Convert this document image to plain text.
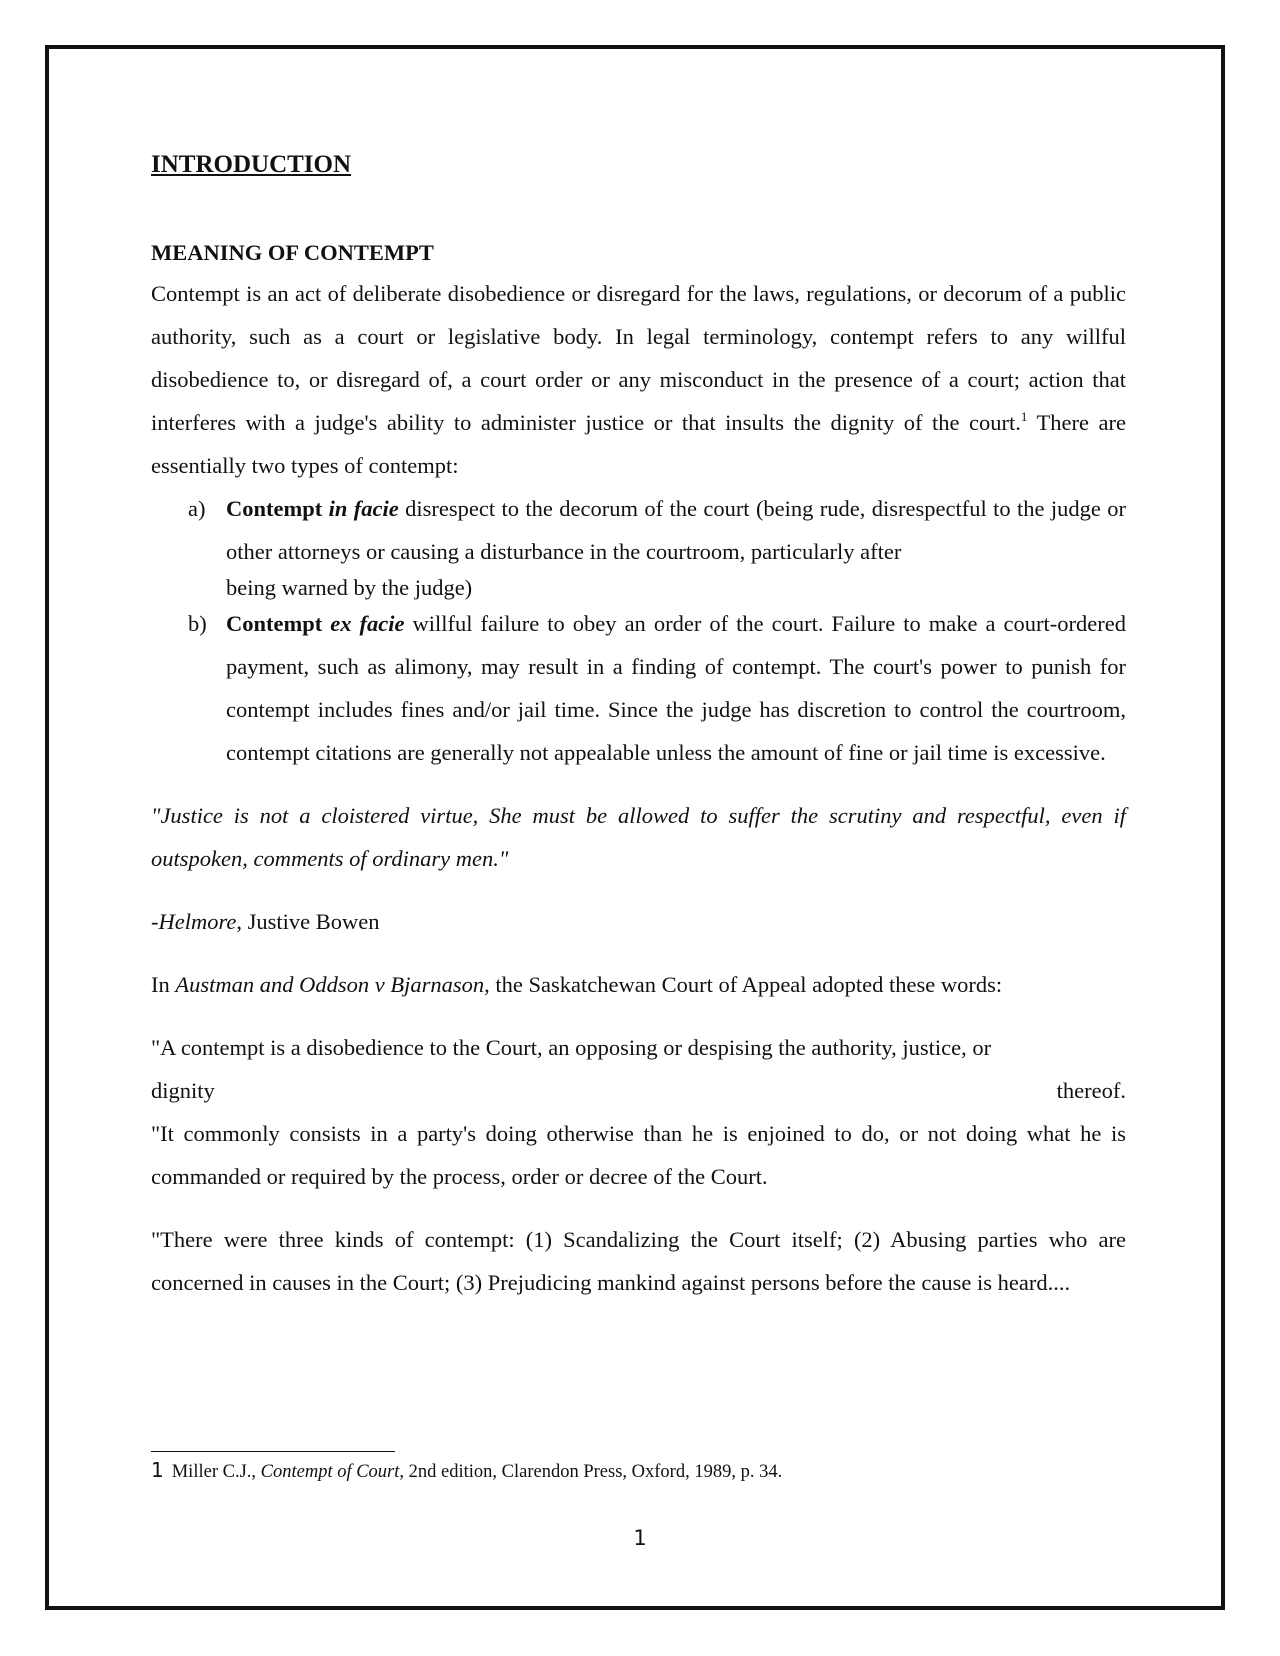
INTRODUCTION
MEANING OF CONTEMPT

Contempt is an act of deliberate disobedience or disregard for the laws, regulations, or decorum of a public authority, such as a court or legislative body. In legal terminology, contempt refers to any willful disobedience to, or disregard of, a court order or any misconduct in the presence of a court; action that interferes with a judge's ability to administer justice or that insults the dignity of the court.$^1$ There are essentially two types of contempt:

a) Contempt in facie disrespect to the decorum of the court (being rude, disrespectful to the judge or other attorneys or causing a disturbance in the courtroom, particularly after
being warned by the judge)
b) Contempt ex facie willful failure to obey an order of the court. Failure to make a court-ordered payment, such as alimony, may result in a finding of contempt. The court's power to punish for contempt includes fines and/or jail time. Since the judge has discretion to control the courtroom, contempt citations are generally not appealable unless the amount of fine or jail time is excessive.

"Justice is not a cloistered virtue, She must be allowed to suffer the scrutiny and respectful, even if outspoken, comments of ordinary men."

-Helmore, Justive Bowen

In Austman and Oddson v Bjarnason, the Saskatchewan Court of Appeal adopted these words:

"A contempt is a disobedience to the Court, an opposing or despising the authority, justice, or

dignity	thereof.

"It commonly consists in a party's doing otherwise than he is enjoined to do, or not doing what he is commanded or required by the process, order or decree of the Court.

"There were three kinds of contempt: (1) Scandalizing the Court itself; (2) Abusing parties who are concerned in causes in the Court; (3) Prejudicing mankind against persons before the cause is heard....

1 Miller C.J., Contempt of Court, 2nd edition, Clarendon Press, Oxford, 1989, p. 34.
1
